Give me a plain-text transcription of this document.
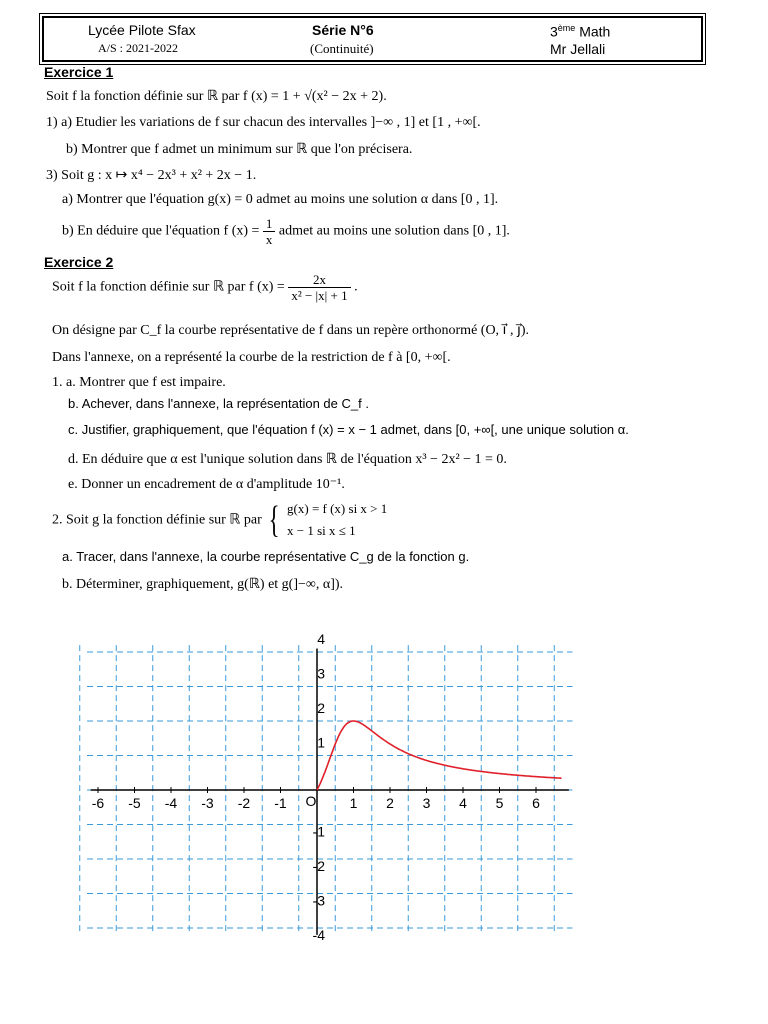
Lycée Pilote Sfax
A/S : 2021-2022
Série N°6
(Continuité)
3ème Math
Mr Jellali
Exercice 1
Soit f la fonction définie sur ℝ par f (x) = 1 + √(x² − 2x + 2).
1) a) Etudier les variations de f sur chacun des intervalles ]−∞ , 1] et [1 , +∞[.
b) Montrer que f admet un minimum sur ℝ que l'on précisera.
3) Soit g : x ↦ x⁴ − 2x³ + x² + 2x − 1.
a) Montrer que l'équation g(x) = 0 admet au moins une solution α dans [0 , 1].
b) En déduire que l'équation f $(x) = \frac{1}{x}$ admet au moins une solution dans [0 , 1].
Exercice 2
Soit f la fonction définie sur ℝ par f $(x) = \frac{2x}{\text{x² − |x| + 1}}$ .
On désigne par C_f la courbe représentative de f dans un repère orthonormé (O, i⃗ , j⃗).
Dans l'annexe, on a représenté la courbe de la restriction de f à [0, +∞[.
1. a. Montrer que f est impaire.
b. Achever, dans l'annexe, la représentation de C_f .
c. Justifier, graphiquement, que l'équation f (x) = x − 1 admet, dans [0, +∞[, une unique solution α.
d. En déduire que α est l'unique solution dans ℝ de l'équation x³ − 2x² − 1 = 0.
e. Donner un encadrement de α d'amplitude 10⁻¹.
2. Soit g la fonction définie sur ℝ par { g(x) = f (x) si x > 1
x − 1 si x ≤ 1
a. Tracer, dans l'annexe, la courbe représentative C_g de la fonction g.
b. Déterminer, graphiquement, g(ℝ) et g(]−∞, α]).
O
-6 -5 -4 -3 -2 -1	1 2 3 4 5 6
4
3
2
1
-1
-2
-3
-4
